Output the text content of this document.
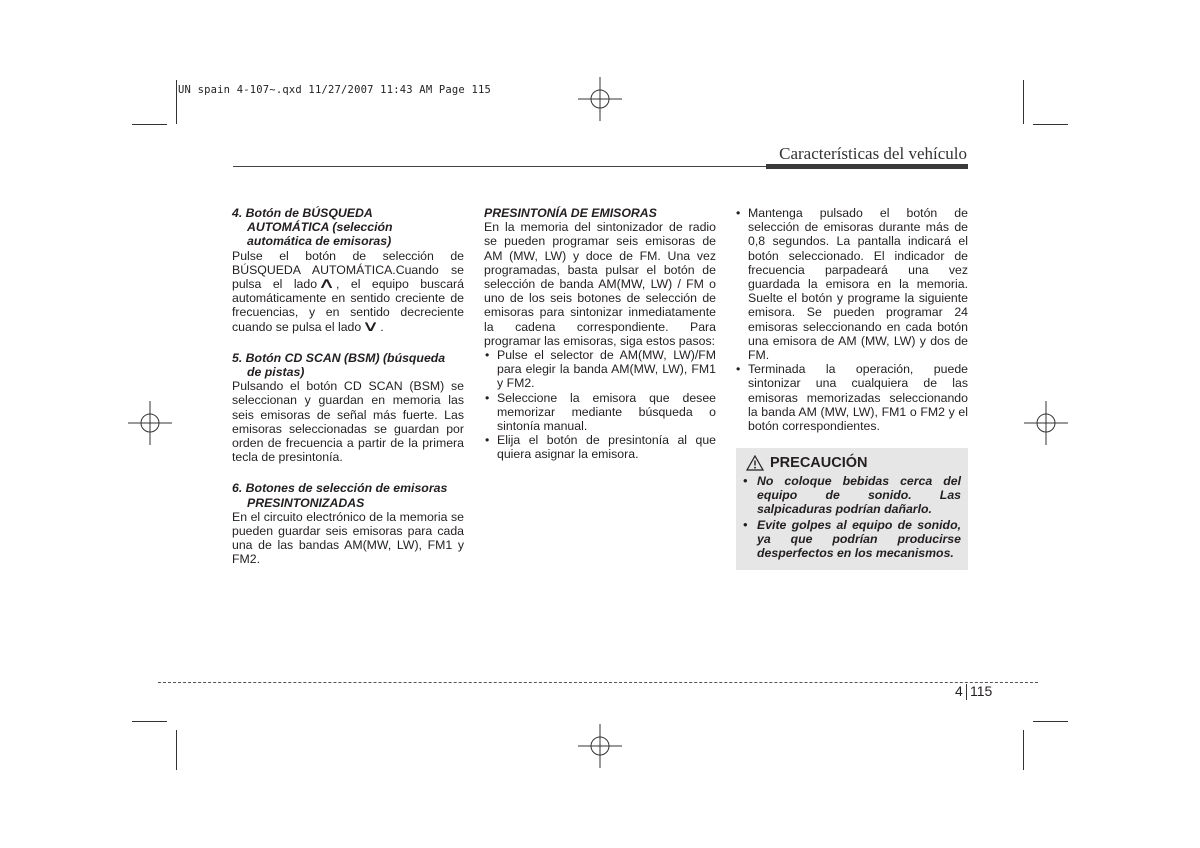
UN spain 4-107~.qxd 11/27/2007 11:43 AM Page 115
Características del vehículo
4. Botón de BÚSQUEDA
AUTOMÁTICA (selección
automática de emisoras)

Pulse el botón de selección de BÚSQUEDA AUTOMÁTICA.Cuando se pulsa el lado∧, el equipo buscará automáticamente en sentido creciente de frecuencias, y en sentido decreciente cuando se pulsa el lado∨.

5. Botón CD SCAN (BSM) (búsqueda
de pistas)

Pulsando el botón CD SCAN (BSM) se seleccionan y guardan en memoria las seis emisoras de señal más fuerte. Las emisoras seleccionadas se guardan por orden de frecuencia a partir de la primera tecla de presintonía.

6. Botones de selección de emisoras
PRESINTONIZADAS

En el circuito electrónico de la memoria se pueden guardar seis emisoras para cada una de las bandas AM(MW, LW), FM1 y FM2.

PRESINTONÍA DE EMISORAS

En la memoria del sintonizador de radio se pueden programar seis emisoras de AM (MW, LW) y doce de FM. Una vez programadas, basta pulsar el botón de selección de banda AM(MW, LW) / FM o uno de los seis botones de selección de emisoras para sintonizar inmediatamente la cadena correspondiente. Para programar las emisoras, siga estos pasos:

• Pulse el selector de AM(MW, LW)/FM para elegir la banda AM(MW, LW), FM1 y FM2.
• Seleccione la emisora que desee memorizar mediante búsqueda o sintonía manual.
• Elija el botón de presintonía al que quiera asignar la emisora.
• Mantenga pulsado el botón de selección de emisoras durante más de 0,8 segundos. La pantalla indicará el botón seleccionado. El indicador de frecuencia parpadeará una vez guardada la emisora en la memoria. Suelte el botón y programe la siguiente emisora. Se pueden programar 24 emisoras seleccionando en cada botón una emisora de AM (MW, LW) y dos de FM.
• Terminada la operación, puede sintonizar una cualquiera de las emisoras memorizadas seleccionando la banda AM (MW, LW), FM1 o FM2 y el botón correspondientes.
PRECAUCIÓN
• No coloque bebidas cerca del equipo de sonido. Las salpicaduras podrían dañarlo.
• Evite golpes al equipo de sonido, ya que podrían producirse desperfectos en los mecanismos.
4 115
